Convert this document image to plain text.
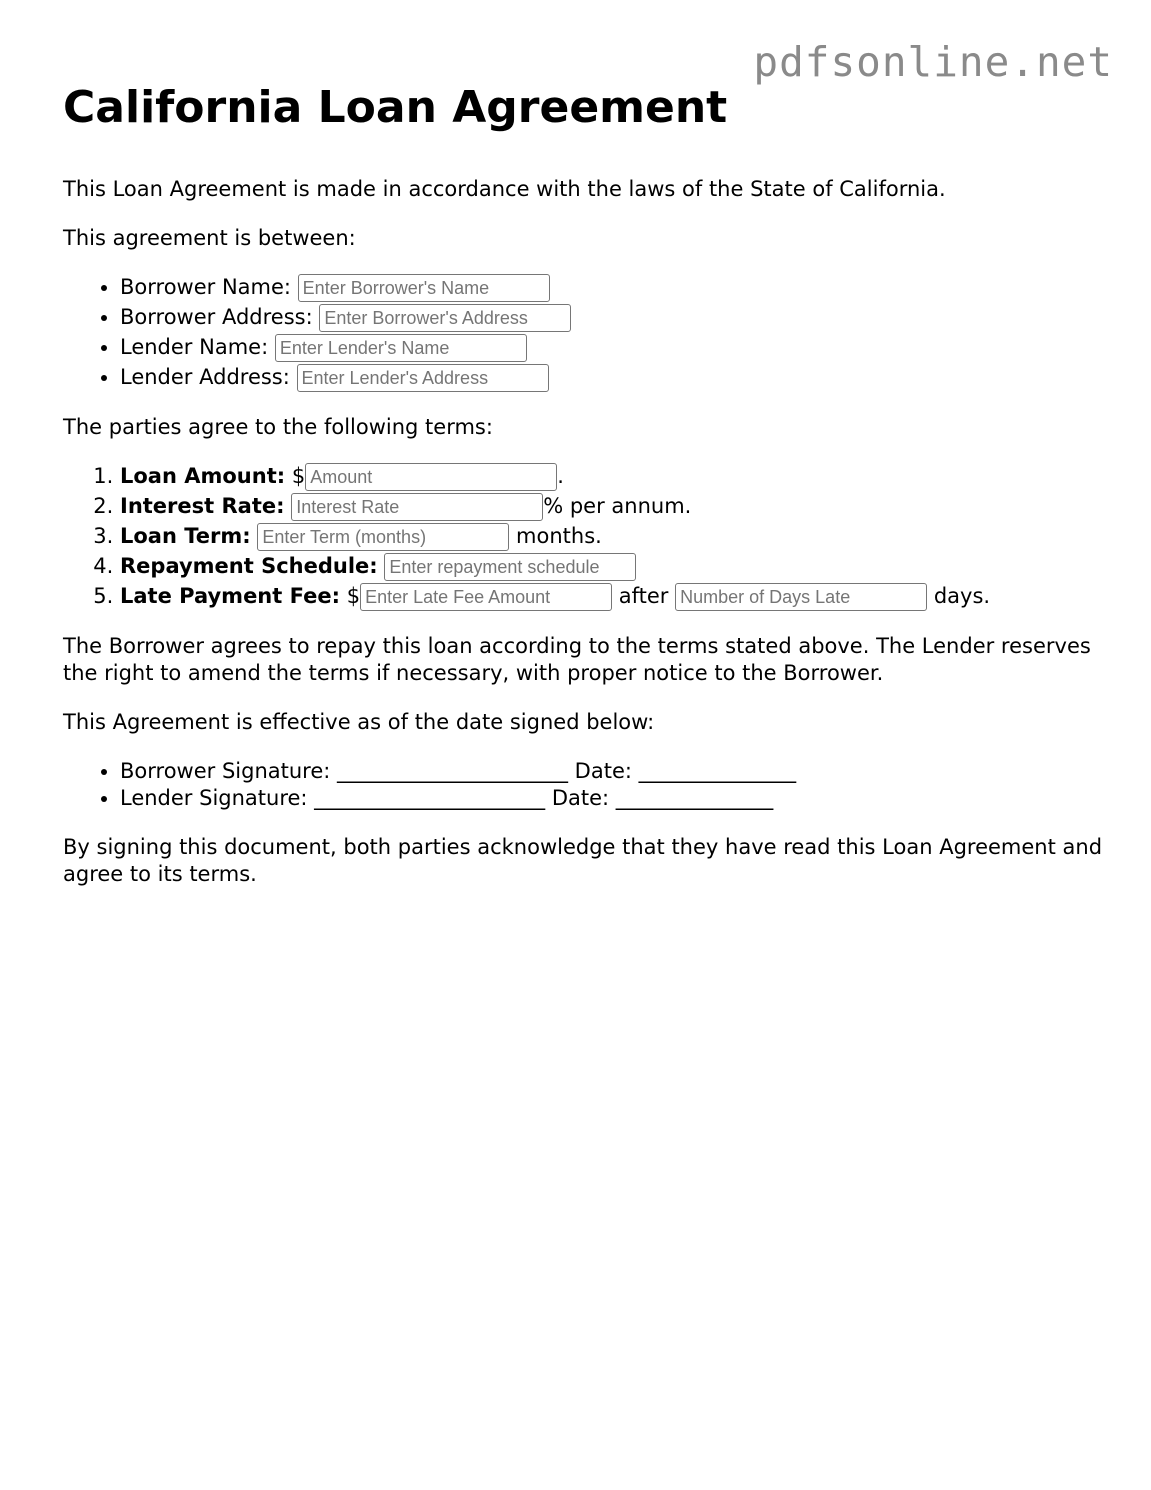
pdfsonline.net
California Loan Agreement

This Loan Agreement is made in accordance with the laws of the State of California.

This agreement is between:

• Borrower Name: Enter Borrower's Name
• Borrower Address: Enter Borrower's Address
• Lender Name: Enter Lender's Name
• Lender Address: Enter Lender's Address

The parties agree to the following terms:

1. Loan Amount: $Amount	.
2. Interest Rate: Interest Rate	% per annum.
3. Loan Term: Enter Term (months)	months.
4. Repayment Schedule: Enter repayment schedule
5. Late Payment Fee: $Enter Late Fee Amount	after Number of Days Late	days.

The Borrower agrees to repay this loan according to the terms stated above. The Lender reserves the right to amend the terms if necessary, with proper notice to the Borrower.

This Agreement is effective as of the date signed below:

• Borrower Signature: ______________________ Date: _______________
• Lender Signature: ______________________ Date: _______________

By signing this document, both parties acknowledge that they have read this Loan Agreement and agree to its terms.
